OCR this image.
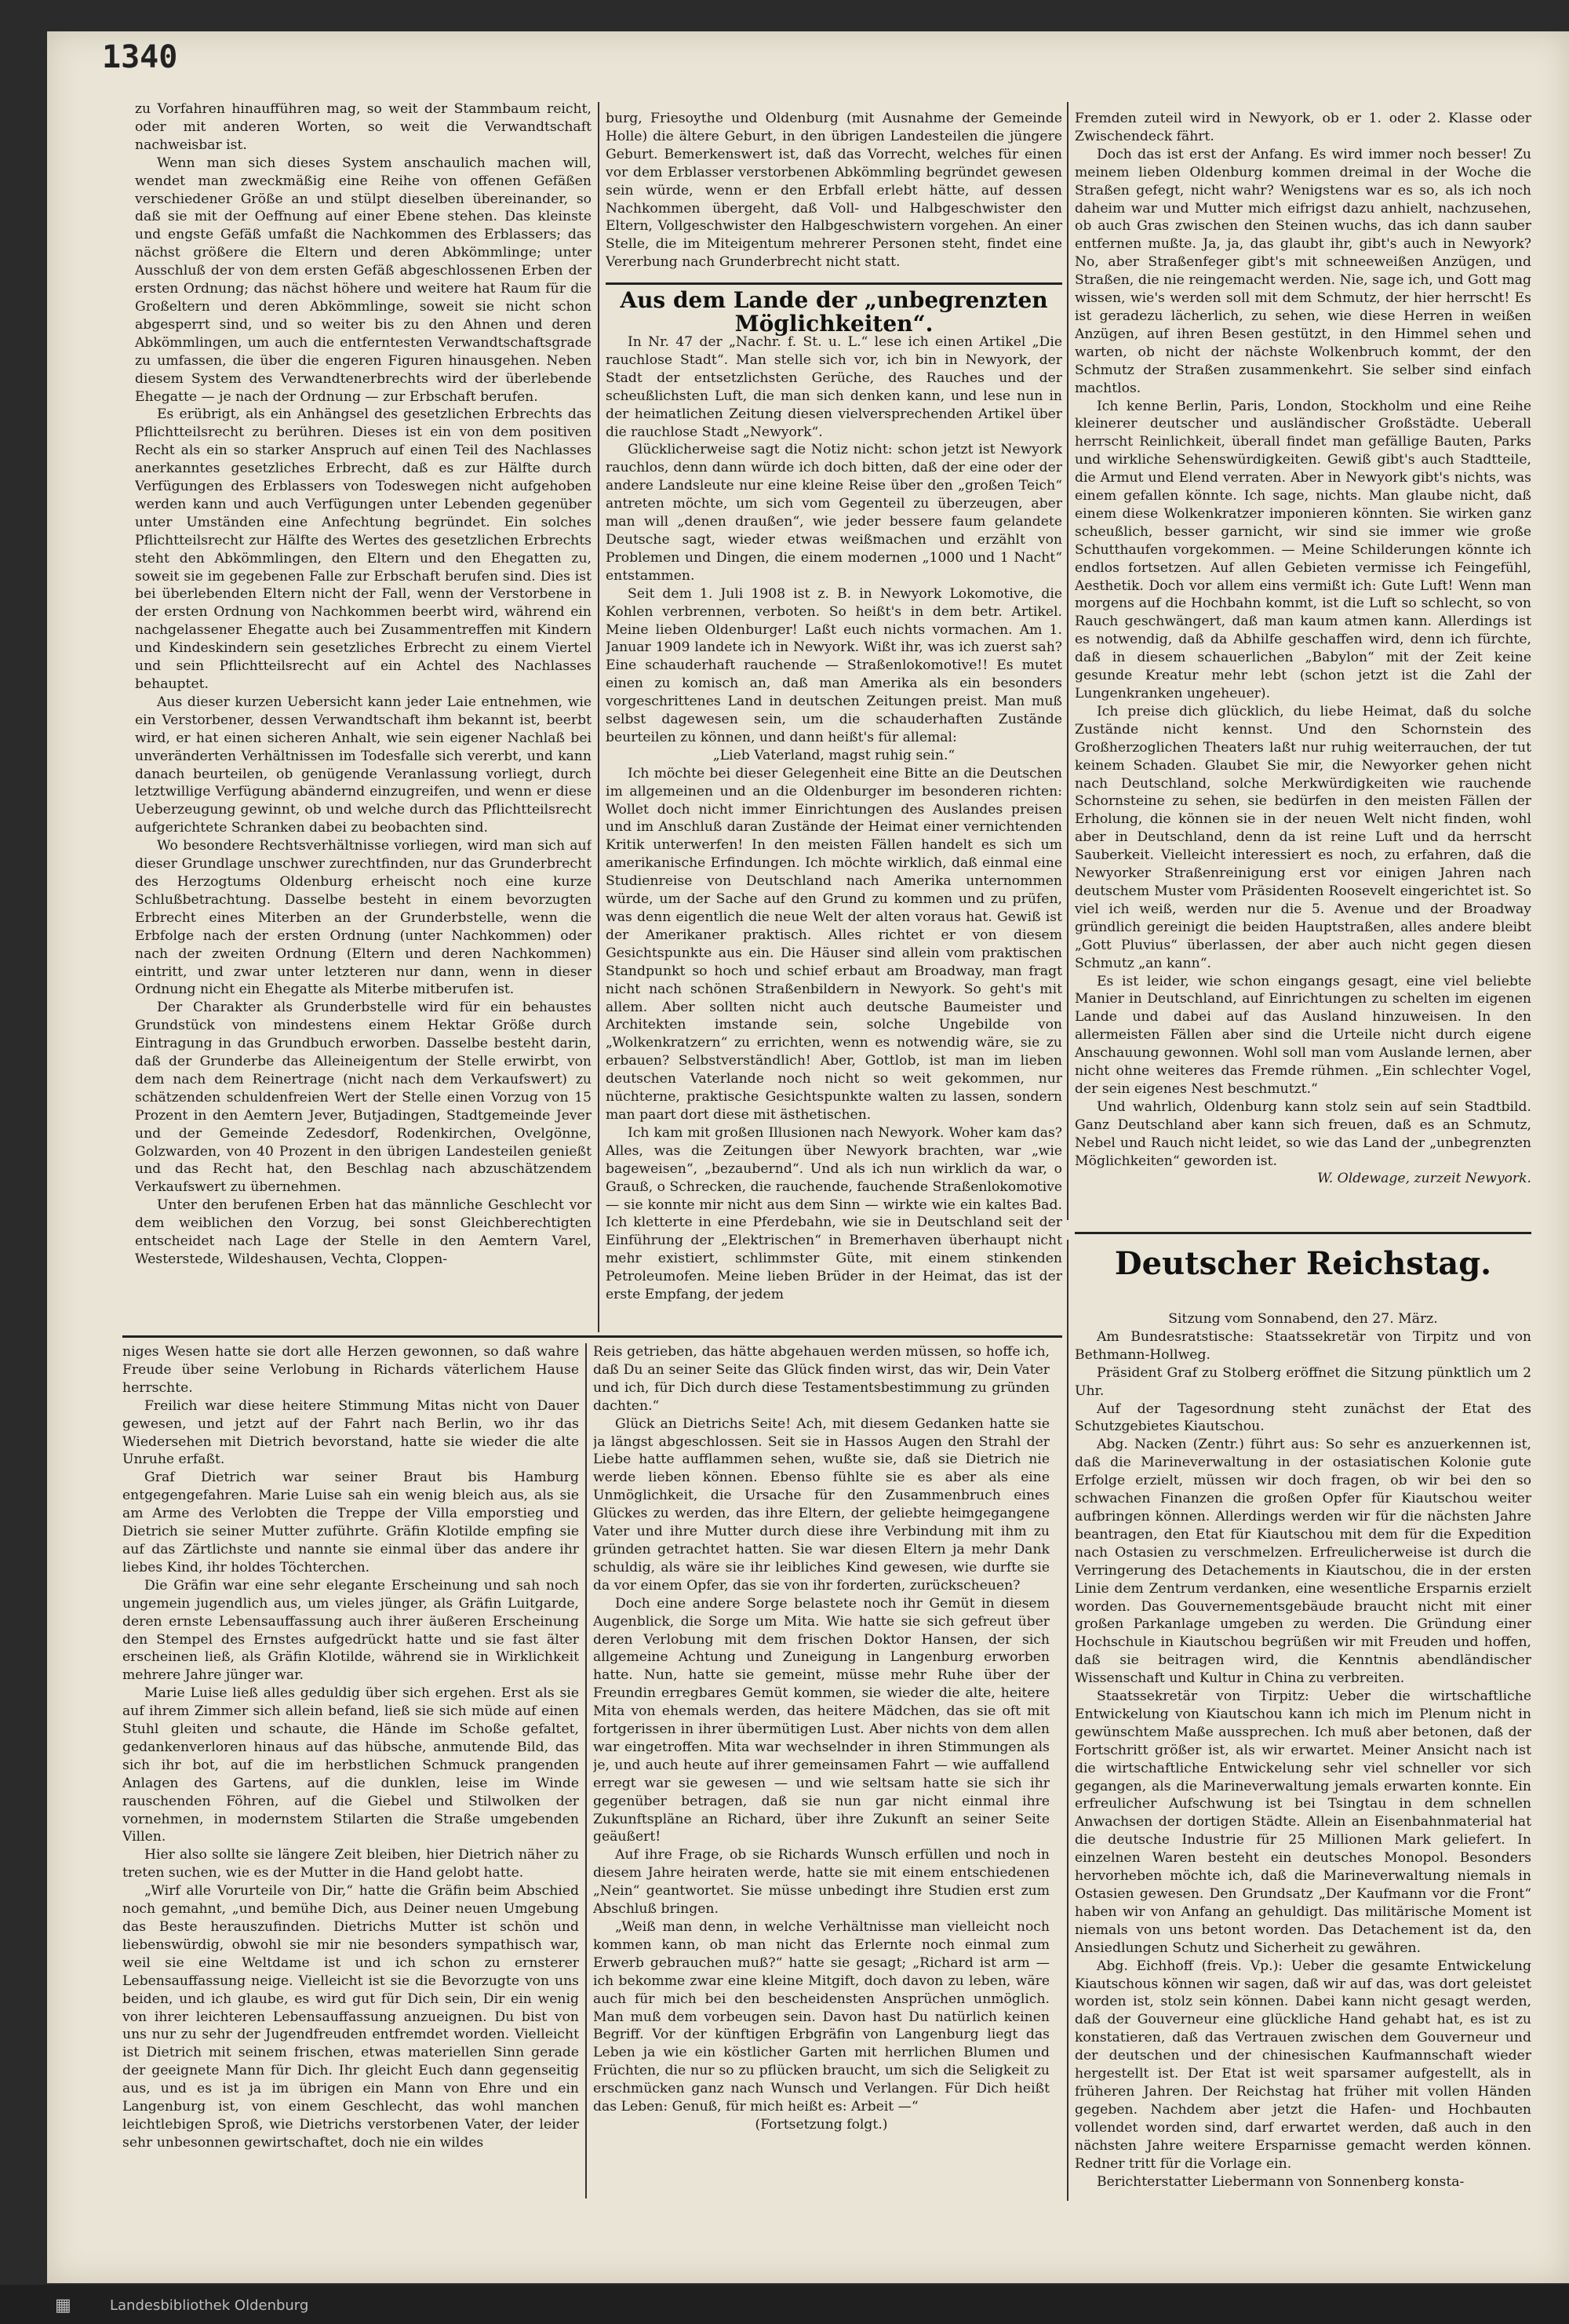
1340

zu Vorfahren hinaufführen mag, so weit der Stammbaum reicht, oder mit anderen Worten, so weit die Verwandtschaft nachweisbar ist.

Wenn man sich dieses System anschaulich machen will, wendet man zweckmäßig eine Reihe von offenen Gefäßen verschiedener Größe an und stülpt dieselben übereinander, so daß sie mit der Oeffnung auf einer Ebene stehen. Das kleinste und engste Gefäß umfaßt die Nachkommen des Erblassers; das nächst größere die Eltern und deren Abkömmlinge; unter Ausschluß der von dem ersten Gefäß abgeschlossenen Erben der ersten Ordnung; das nächst höhere und weitere hat Raum für die Großeltern und deren Abkömmlinge, soweit sie nicht schon abgesperrt sind, und so weiter bis zu den Ahnen und deren Abkömmlingen, um auch die entferntesten Verwandtschaftsgrade zu umfassen, die über die engeren Figuren hinausgehen. Neben diesem System des Verwandtenerbrechts wird der überlebende Ehegatte — je nach der Ordnung — zur Erbschaft berufen.

Es erübrigt, als ein Anhängsel des gesetzlichen Erbrechts das Pflichtteilsrecht zu berühren. Dieses ist ein von dem positiven Recht als ein so starker Anspruch auf einen Teil des Nachlasses anerkanntes gesetzliches Erbrecht, daß es zur Hälfte durch Verfügungen des Erblassers von Todeswegen nicht aufgehoben werden kann und auch Verfügungen unter Lebenden gegenüber unter Umständen eine Anfechtung begründet. Ein solches Pflichtteilsrecht zur Hälfte des Wertes des gesetzlichen Erbrechts steht den Abkömmlingen, den Eltern und den Ehegatten zu, soweit sie im gegebenen Falle zur Erbschaft berufen sind. Dies ist bei überlebenden Eltern nicht der Fall, wenn der Verstorbene in der ersten Ordnung von Nachkommen beerbt wird, während ein nachgelassener Ehegatte auch bei Zusammentreffen mit Kindern und Kindeskindern sein gesetzliches Erbrecht zu einem Viertel und sein Pflichtteilsrecht auf ein Achtel des Nachlasses behauptet.

Aus dieser kurzen Uebersicht kann jeder Laie entnehmen, wie ein Verstorbener, dessen Verwandtschaft ihm bekannt ist, beerbt wird, er hat einen sicheren Anhalt, wie sein eigener Nachlaß bei unveränderten Verhältnissen im Todesfalle sich vererbt, und kann danach beurteilen, ob genügende Veranlassung vorliegt, durch letztwillige Verfügung abändernd einzugreifen, und wenn er diese Ueberzeugung gewinnt, ob und welche durch das Pflichtteilsrecht aufgerichtete Schranken dabei zu beobachten sind.

Wo besondere Rechtsverhältnisse vorliegen, wird man sich auf dieser Grundlage unschwer zurechtfinden, nur das Grunderbrecht des Herzogtums Oldenburg erheischt noch eine kurze Schlußbetrachtung. Dasselbe besteht in einem bevorzugten Erbrecht eines Miterben an der Grunderbstelle, wenn die Erbfolge nach der ersten Ordnung (unter Nachkommen) oder nach der zweiten Ordnung (Eltern und deren Nachkommen) eintritt, und zwar unter letzteren nur dann, wenn in dieser Ordnung nicht ein Ehegatte als Miterbe mitberufen ist.

Der Charakter als Grunderbstelle wird für ein behaustes Grundstück von mindestens einem Hektar Größe durch Eintragung in das Grundbuch erworben. Dasselbe besteht darin, daß der Grunderbe das Alleineigentum der Stelle erwirbt, von dem nach dem Reinertrage (nicht nach dem Verkaufswert) zu schätzenden schuldenfreien Wert der Stelle einen Vorzug von 15 Prozent in den Aemtern Jever, Butjadingen, Stadtgemeinde Jever und der Gemeinde Zedesdorf, Rodenkirchen, Ovelgönne, Golzwarden, von 40 Prozent in den übrigen Landesteilen genießt und das Recht hat, den Beschlag nach abzuschätzendem Verkaufswert zu übernehmen.

Unter den berufenen Erben hat das männliche Geschlecht vor dem weiblichen den Vorzug, bei sonst Gleichberechtigten entscheidet nach Lage der Stelle in den Aemtern Varel, Westerstede, Wildeshausen, Vechta, Cloppen-

burg, Friesoythe und Oldenburg (mit Ausnahme der Gemeinde Holle) die ältere Geburt, in den übrigen Landesteilen die jüngere Geburt. Bemerkenswert ist, daß das Vorrecht, welches für einen vor dem Erblasser verstorbenen Abkömmling begründet gewesen sein würde, wenn er den Erbfall erlebt hätte, auf dessen Nachkommen übergeht, daß Voll- und Halbgeschwister den Eltern, Vollgeschwister den Halbgeschwistern vorgehen. An einer Stelle, die im Miteigentum mehrerer Personen steht, findet eine Vererbung nach Grunderbrecht nicht statt.

Aus dem Lande der „unbegrenzten Möglichkeiten“.

In Nr. 47 der „Nachr. f. St. u. L.“ lese ich einen Artikel „Die rauchlose Stadt“. Man stelle sich vor, ich bin in Newyork, der Stadt der entsetzlichsten Gerüche, des Rauches und der scheußlichsten Luft, die man sich denken kann, und lese nun in der heimatlichen Zeitung diesen vielversprechenden Artikel über die rauchlose Stadt „Newyork“.

Glücklicherweise sagt die Notiz nicht: schon jetzt ist Newyork rauchlos, denn dann würde ich doch bitten, daß der eine oder der andere Landsleute nur eine kleine Reise über den „großen Teich“ antreten möchte, um sich vom Gegenteil zu überzeugen, aber man will „denen draußen“, wie jeder bessere faum gelandete Deutsche sagt, wieder etwas weißmachen und erzählt von Problemen und Dingen, die einem modernen „1000 und 1 Nacht“ entstammen.

Seit dem 1. Juli 1908 ist z. B. in Newyork Lokomotive, die Kohlen verbrennen, verboten. So heißt's in dem betr. Artikel. Meine lieben Oldenburger! Laßt euch nichts vormachen. Am 1. Januar 1909 landete ich in Newyork. Wißt ihr, was ich zuerst sah? Eine schauderhaft rauchende — Straßenlokomotive!! Es mutet einen zu komisch an, daß man Amerika als ein besonders vorgeschrittenes Land in deutschen Zeitungen preist. Man muß selbst dagewesen sein, um die schauderhaften Zustände beurteilen zu können, und dann heißt's für allemal:

„Lieb Vaterland, magst ruhig sein.“

Ich möchte bei dieser Gelegenheit eine Bitte an die Deutschen im allgemeinen und an die Oldenburger im besonderen richten: Wollet doch nicht immer Einrichtungen des Auslandes preisen und im Anschluß daran Zustände der Heimat einer vernichtenden Kritik unterwerfen! In den meisten Fällen handelt es sich um amerikanische Erfindungen. Ich möchte wirklich, daß einmal eine Studienreise von Deutschland nach Amerika unternommen würde, um der Sache auf den Grund zu kommen und zu prüfen, was denn eigentlich die neue Welt der alten voraus hat. Gewiß ist der Amerikaner praktisch. Alles richtet er von diesem Gesichtspunkte aus ein. Die Häuser sind allein vom praktischen Standpunkt so hoch und schief erbaut am Broadway, man fragt nicht nach schönen Straßenbildern in Newyork. So geht's mit allem. Aber sollten nicht auch deutsche Baumeister und Architekten imstande sein, solche Ungebilde von „Wolkenkratzern“ zu errichten, wenn es notwendig wäre, sie zu erbauen? Selbstverständlich! Aber, Gottlob, ist man im lieben deutschen Vaterlande noch nicht so weit gekommen, nur nüchterne, praktische Gesichtspunkte walten zu lassen, sondern man paart dort diese mit ästhetischen.

Ich kam mit großen Illusionen nach Newyork. Woher kam das? Alles, was die Zeitungen über Newyork brachten, war „wie bageweisen“, „bezaubernd“. Und als ich nun wirklich da war, o Grauß, o Schrecken, die rauchende, fauchende Straßenlokomotive — sie konnte mir nicht aus dem Sinn — wirkte wie ein kaltes Bad. Ich kletterte in eine Pferdebahn, wie sie in Deutschland seit der Einführung der „Elektrischen“ in Bremerhaven überhaupt nicht mehr existiert, schlimmster Güte, mit einem stinkenden Petroleumofen. Meine lieben Brüder in der Heimat, das ist der erste Empfang, der jedem

Fremden zuteil wird in Newyork, ob er 1. oder 2. Klasse oder Zwischendeck fährt.

Doch das ist erst der Anfang. Es wird immer noch besser! Zu meinem lieben Oldenburg kommen dreimal in der Woche die Straßen gefegt, nicht wahr? Wenigstens war es so, als ich noch daheim war und Mutter mich eifrigst dazu anhielt, nachzusehen, ob auch Gras zwischen den Steinen wuchs, das ich dann sauber entfernen mußte. Ja, ja, das glaubt ihr, gibt's auch in Newyork? No, aber Straßenfeger gibt's mit schneeweißen Anzügen, und Straßen, die nie reingemacht werden. Nie, sage ich, und Gott mag wissen, wie's werden soll mit dem Schmutz, der hier herrscht! Es ist geradezu lächerlich, zu sehen, wie diese Herren in weißen Anzügen, auf ihren Besen gestützt, in den Himmel sehen und warten, ob nicht der nächste Wolkenbruch kommt, der den Schmutz der Straßen zusammenkehrt. Sie selber sind einfach machtlos.

Ich kenne Berlin, Paris, London, Stockholm und eine Reihe kleinerer deutscher und ausländischer Großstädte. Ueberall herrscht Reinlichkeit, überall findet man gefällige Bauten, Parks und wirkliche Sehenswürdigkeiten. Gewiß gibt's auch Stadtteile, die Armut und Elend verraten. Aber in Newyork gibt's nichts, was einem gefallen könnte. Ich sage, nichts. Man glaube nicht, daß einem diese Wolkenkratzer imponieren könnten. Sie wirken ganz scheußlich, besser garnicht, wir sind sie immer wie große Schutthaufen vorgekommen. — Meine Schilderungen könnte ich endlos fortsetzen. Auf allen Gebieten vermisse ich Feingefühl, Aesthetik. Doch vor allem eins vermißt ich: Gute Luft! Wenn man morgens auf die Hochbahn kommt, ist die Luft so schlecht, so von Rauch geschwängert, daß man kaum atmen kann. Allerdings ist es notwendig, daß da Abhilfe geschaffen wird, denn ich fürchte, daß in diesem schauerlichen „Babylon“ mit der Zeit keine gesunde Kreatur mehr lebt (schon jetzt ist die Zahl der Lungenkranken ungeheuer).

Ich preise dich glücklich, du liebe Heimat, daß du solche Zustände nicht kennst. Und den Schornstein des Großherzoglichen Theaters laßt nur ruhig weiterrauchen, der tut keinem Schaden. Glaubet Sie mir, die Newyorker gehen nicht nach Deutschland, solche Merkwürdigkeiten wie rauchende Schornsteine zu sehen, sie bedürfen in den meisten Fällen der Erholung, die können sie in der neuen Welt nicht finden, wohl aber in Deutschland, denn da ist reine Luft und da herrscht Sauberkeit. Vielleicht interessiert es noch, zu erfahren, daß die Newyorker Straßenreinigung erst vor einigen Jahren nach deutschem Muster vom Präsidenten Roosevelt eingerichtet ist. So viel ich weiß, werden nur die 5. Avenue und der Broadway gründlich gereinigt die beiden Hauptstraßen, alles andere bleibt „Gott Pluvius“ überlassen, der aber auch nicht gegen diesen Schmutz „an kann“.

Es ist leider, wie schon eingangs gesagt, eine viel beliebte Manier in Deutschland, auf Einrichtungen zu schelten im eigenen Lande und dabei auf das Ausland hinzuweisen. In den allermeisten Fällen aber sind die Urteile nicht durch eigene Anschauung gewonnen. Wohl soll man vom Auslande lernen, aber nicht ohne weiteres das Fremde rühmen. „Ein schlechter Vogel, der sein eigenes Nest beschmutzt.“

Und wahrlich, Oldenburg kann stolz sein auf sein Stadtbild. Ganz Deutschland aber kann sich freuen, daß es an Schmutz, Nebel und Rauch nicht leidet, so wie das Land der „unbegrenzten Möglichkeiten“ geworden ist.

W. Oldewage, zurzeit Newyork.

Deutscher Reichstag.

Sitzung vom Sonnabend, den 27. März.

Am Bundesratstische: Staatssekretär von Tirpitz und von Bethmann-Hollweg.

Präsident Graf zu Stolberg eröffnet die Sitzung pünktlich um 2 Uhr.

Auf der Tagesordnung steht zunächst der Etat des Schutzgebietes Kiautschou.

Abg. Nacken (Zentr.) führt aus: So sehr es anzuerkennen ist, daß die Marineverwaltung in der ostasiatischen Kolonie gute Erfolge erzielt, müssen wir doch fragen, ob wir bei den so schwachen Finanzen die großen Opfer für Kiautschou weiter aufbringen können. Allerdings werden wir für die nächsten Jahre beantragen, den Etat für Kiautschou mit dem für die Expedition nach Ostasien zu verschmelzen. Erfreulicherweise ist durch die Verringerung des Detachements in Kiautschou, die in der ersten Linie dem Zentrum verdanken, eine wesentliche Ersparnis erzielt worden. Das Gouvernementsgebäude braucht nicht mit einer großen Parkanlage umgeben zu werden. Die Gründung einer Hochschule in Kiautschou begrüßen wir mit Freuden und hoffen, daß sie beitragen wird, die Kenntnis abendländischer Wissenschaft und Kultur in China zu verbreiten.

Staatssekretär von Tirpitz: Ueber die wirtschaftliche Entwickelung von Kiautschou kann ich mich im Plenum nicht in gewünschtem Maße aussprechen. Ich muß aber betonen, daß der Fortschritt größer ist, als wir erwartet. Meiner Ansicht nach ist die wirtschaftliche Entwickelung sehr viel schneller vor sich gegangen, als die Marineverwaltung jemals erwarten konnte. Ein erfreulicher Aufschwung ist bei Tsingtau in dem schnellen Anwachsen der dortigen Städte. Allein an Eisenbahnmaterial hat die deutsche Industrie für 25 Millionen Mark geliefert. In einzelnen Waren besteht ein deutsches Monopol. Besonders hervorheben möchte ich, daß die Marineverwaltung niemals in Ostasien gewesen. Den Grundsatz „Der Kaufmann vor die Front“ haben wir von Anfang an gehuldigt. Das militärische Moment ist niemals von uns betont worden. Das Detachement ist da, den Ansiedlungen Schutz und Sicherheit zu gewähren.

Abg. Eichhoff (freis. Vp.): Ueber die gesamte Entwickelung Kiautschous können wir sagen, daß wir auf das, was dort geleistet worden ist, stolz sein können. Dabei kann nicht gesagt werden, daß der Gouverneur eine glückliche Hand gehabt hat, es ist zu konstatieren, daß das Vertrauen zwischen dem Gouverneur und der deutschen und der chinesischen Kaufmannschaft wieder hergestellt ist. Der Etat ist weit sparsamer aufgestellt, als in früheren Jahren. Der Reichstag hat früher mit vollen Händen gegeben. Nachdem aber jetzt die Hafen- und Hochbauten vollendet worden sind, darf erwartet werden, daß auch in den nächsten Jahre weitere Ersparnisse gemacht werden können. Redner tritt für die Vorlage ein.

Berichterstatter Liebermann von Sonnenberg konsta-

niges Wesen hatte sie dort alle Herzen gewonnen, so daß wahre Freude über seine Verlobung in Richards väterlichem Hause herrschte.

Freilich war diese heitere Stimmung Mitas nicht von Dauer gewesen, und jetzt auf der Fahrt nach Berlin, wo ihr das Wiedersehen mit Dietrich bevorstand, hatte sie wieder die alte Unruhe erfaßt.

Graf Dietrich war seiner Braut bis Hamburg entgegengefahren. Marie Luise sah ein wenig bleich aus, als sie am Arme des Verlobten die Treppe der Villa emporstieg und Dietrich sie seiner Mutter zuführte. Gräfin Klotilde empfing sie auf das Zärtlichste und nannte sie einmal über das andere ihr liebes Kind, ihr holdes Töchterchen.

Die Gräfin war eine sehr elegante Erscheinung und sah noch ungemein jugendlich aus, um vieles jünger, als Gräfin Luitgarde, deren ernste Lebensauffassung auch ihrer äußeren Erscheinung den Stempel des Ernstes aufgedrückt hatte und sie fast älter erscheinen ließ, als Gräfin Klotilde, während sie in Wirklichkeit mehrere Jahre jünger war.

Marie Luise ließ alles geduldig über sich ergehen. Erst als sie auf ihrem Zimmer sich allein befand, ließ sie sich müde auf einen Stuhl gleiten und schaute, die Hände im Schoße gefaltet, gedankenverloren hinaus auf das hübsche, anmutende Bild, das sich ihr bot, auf die im herbstlichen Schmuck prangenden Anlagen des Gartens, auf die dunklen, leise im Winde rauschenden Föhren, auf die Giebel und Stilwolken der vornehmen, in modernstem Stilarten die Straße umgebenden Villen.

Hier also sollte sie längere Zeit bleiben, hier Dietrich näher zu treten suchen, wie es der Mutter in die Hand gelobt hatte.

„Wirf alle Vorurteile von Dir,“ hatte die Gräfin beim Abschied noch gemahnt, „und bemühe Dich, aus Deiner neuen Umgebung das Beste herauszufinden. Dietrichs Mutter ist schön und liebenswürdig, obwohl sie mir nie besonders sympathisch war, weil sie eine Weltdame ist und ich schon zu ernsterer Lebensauffassung neige. Vielleicht ist sie die Bevorzugte von uns beiden, und ich glaube, es wird gut für Dich sein, Dir ein wenig von ihrer leichteren Lebensauffassung anzueignen. Du bist von uns nur zu sehr der Jugendfreuden entfremdet worden. Vielleicht ist Dietrich mit seinem frischen, etwas materiellen Sinn gerade der geeignete Mann für Dich. Ihr gleicht Euch dann gegenseitig aus, und es ist ja im übrigen ein Mann von Ehre und ein Langenburg ist, von einem Geschlecht, das wohl manchen leichtlebigen Sproß, wie Dietrichs verstorbenen Vater, der leider sehr unbesonnen gewirtschaftet, doch nie ein wildes

Reis getrieben, das hätte abgehauen werden müssen, so hoffe ich, daß Du an seiner Seite das Glück finden wirst, das wir, Dein Vater und ich, für Dich durch diese Testamentsbestimmung zu gründen dachten.“

Glück an Dietrichs Seite! Ach, mit diesem Gedanken hatte sie ja längst abgeschlossen. Seit sie in Hassos Augen den Strahl der Liebe hatte aufflammen sehen, wußte sie, daß sie Dietrich nie werde lieben können. Ebenso fühlte sie es aber als eine Unmöglichkeit, die Ursache für den Zusammenbruch eines Glückes zu werden, das ihre Eltern, der geliebte heimgegangene Vater und ihre Mutter durch diese ihre Verbindung mit ihm zu gründen getrachtet hatten. Sie war diesen Eltern ja mehr Dank schuldig, als wäre sie ihr leibliches Kind gewesen, wie durfte sie da vor einem Opfer, das sie von ihr forderten, zurückscheuen?

Doch eine andere Sorge belastete noch ihr Gemüt in diesem Augenblick, die Sorge um Mita. Wie hatte sie sich gefreut über deren Verlobung mit dem frischen Doktor Hansen, der sich allgemeine Achtung und Zuneigung in Langenburg erworben hatte. Nun, hatte sie gemeint, müsse mehr Ruhe über der Freundin erregbares Gemüt kommen, sie wieder die alte, heitere Mita von ehemals werden, das heitere Mädchen, das sie oft mit fortgerissen in ihrer übermütigen Lust. Aber nichts von dem allen war eingetroffen. Mita war wechselnder in ihren Stimmungen als je, und auch heute auf ihrer gemeinsamen Fahrt — wie auffallend erregt war sie gewesen — und wie seltsam hatte sie sich ihr gegenüber betragen, daß sie nun gar nicht einmal ihre Zukunftspläne an Richard, über ihre Zukunft an seiner Seite geäußert!

Auf ihre Frage, ob sie Richards Wunsch erfüllen und noch in diesem Jahre heiraten werde, hatte sie mit einem entschiedenen „Nein“ geantwortet. Sie müsse unbedingt ihre Studien erst zum Abschluß bringen.

„Weiß man denn, in welche Verhältnisse man vielleicht noch kommen kann, ob man nicht das Erlernte noch einmal zum Erwerb gebrauchen muß?“ hatte sie gesagt; „Richard ist arm — ich bekomme zwar eine kleine Mitgift, doch davon zu leben, wäre auch für mich bei den bescheidensten Ansprüchen unmöglich. Man muß dem vorbeugen sein. Davon hast Du natürlich keinen Begriff. Vor der künftigen Erbgräfin von Langenburg liegt das Leben ja wie ein köstlicher Garten mit herrlichen Blumen und Früchten, die nur so zu pflücken braucht, um sich die Seligkeit zu erschmücken ganz nach Wunsch und Verlangen. Für Dich heißt das Leben: Genuß, für mich heißt es: Arbeit —“

(Fortsetzung folgt.)

▦	Landesbibliothek Oldenburg
